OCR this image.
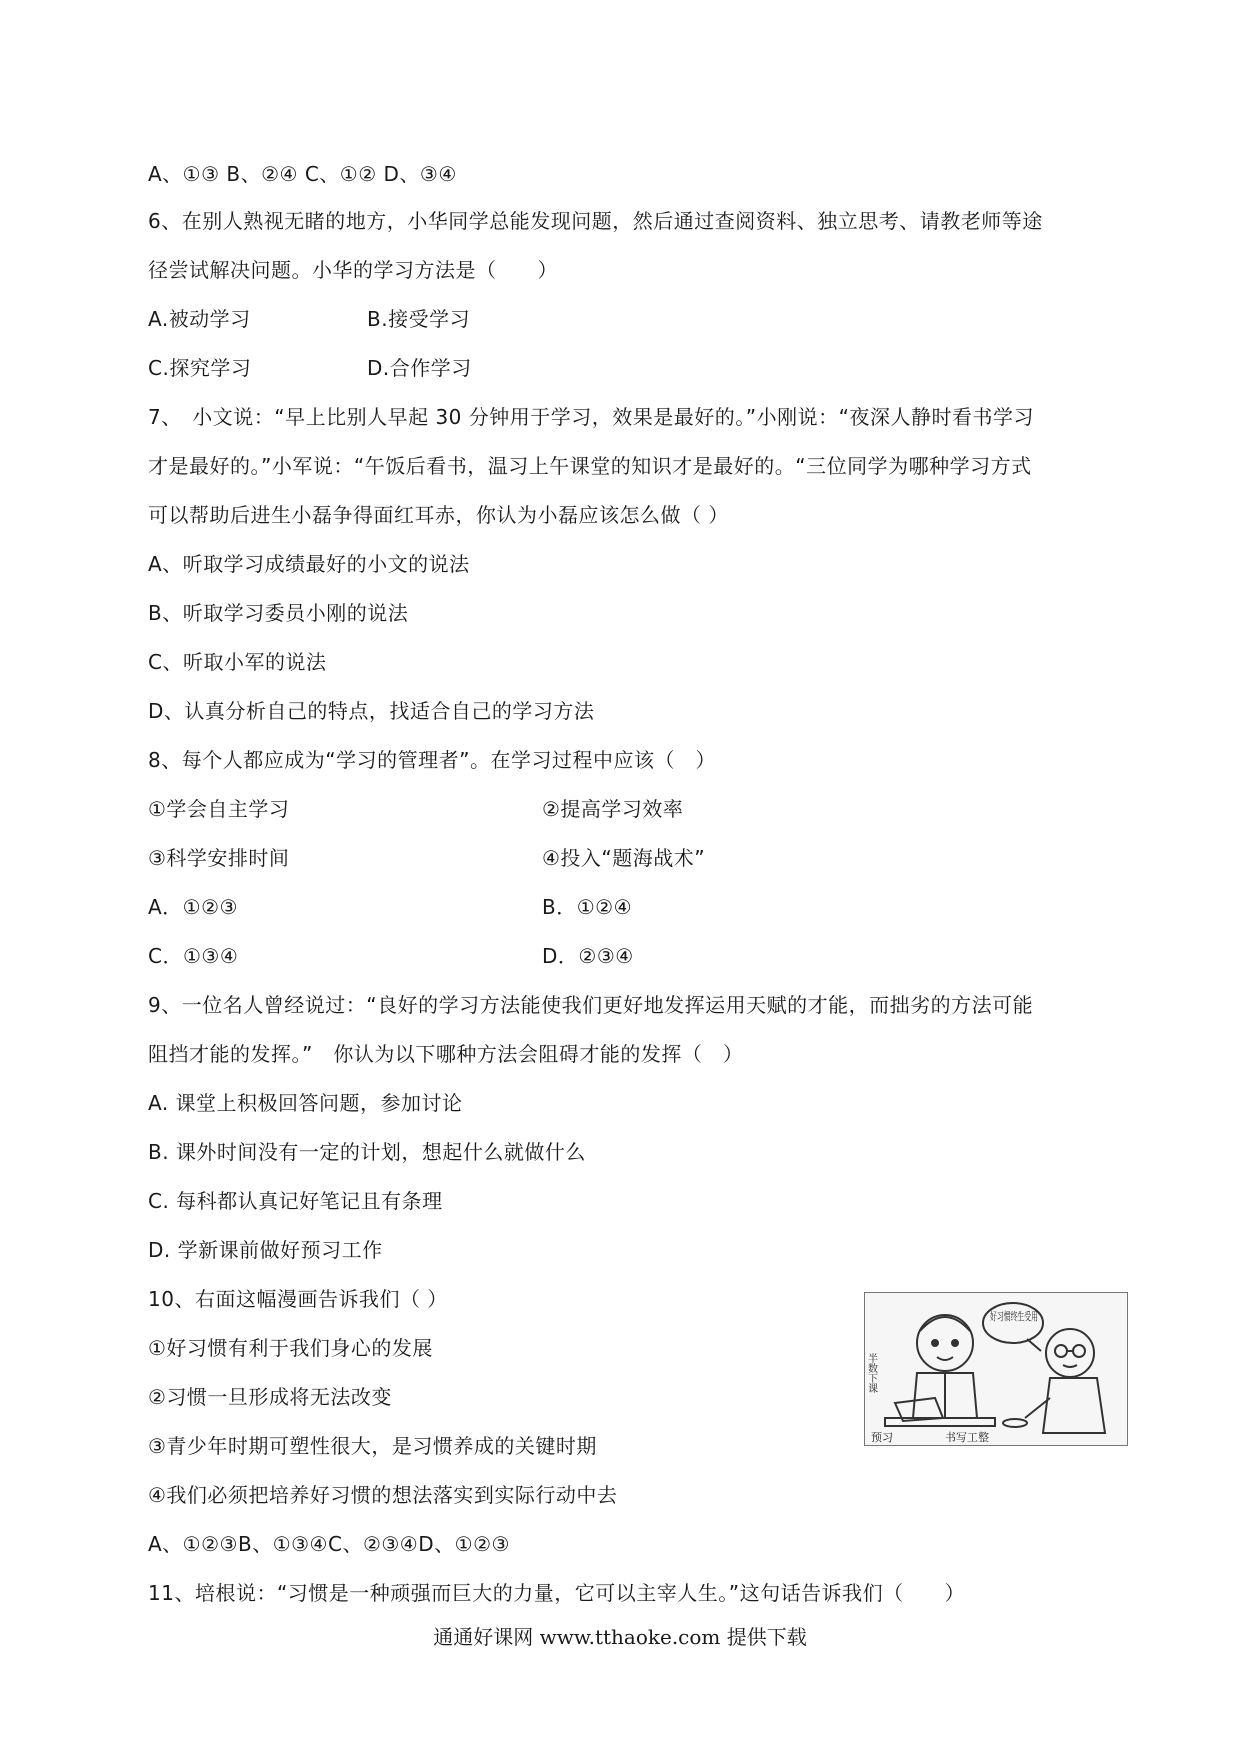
A、①③ B、②④ C、①② D、③④
6、在别人熟视无睹的地方，小华同学总能发现问题，然后通过查阅资料、独立思考、请教老师等途
径尝试解决问题。小华的学习方法是（　　）
A.被动学习	B.接受学习
C.探究学习	D.合作学习
7、　小文说：“早上比别人早起 30 分钟用于学习，效果是最好的。”小刚说：“夜深人静时看书学习
才是最好的。”小军说：“午饭后看书，温习上午课堂的知识才是最好的。“三位同学为哪种学习方式
可以帮助后进生小磊争得面红耳赤，你认为小磊应该怎么做（ ）
A、听取学习成绩最好的小文的说法
B、听取学习委员小刚的说法
C、听取小军的说法
D、认真分析自己的特点，找适合自己的学习方法
8、每个人都应成为“学习的管理者”。在学习过程中应该（　）
①学会自主学习	②提高学习效率
③科学安排时间	④投入“题海战术”
A．①②③	B．①②④
C．①③④	D．②③④
9、一位名人曾经说过：“良好的学习方法能使我们更好地发挥运用天赋的才能，而拙劣的方法可能
阻挡才能的发挥。”　你认为以下哪种方法会阻碍才能的发挥（　）
A. 课堂上积极回答问题，参加讨论
B. 课外时间没有一定的计划，想起什么就做什么
C. 每科都认真记好笔记且有条理
D. 学新课前做好预习工作
10、右面这幅漫画告诉我们（ ）
①好习惯有利于我们身心的发展
②习惯一旦形成将无法改变
③青少年时期可塑性很大，是习惯养成的关键时期
④我们必须把培养好习惯的想法落实到实际行动中去
A、①②③B、①③④C、②③④D、①②③
半数下课
好习惯终生受用
预习	书写工整
11、培根说：“习惯是一种顽强而巨大的力量，它可以主宰人生。”这句话告诉我们（　　）
通通好课网 www.tthaoke.com 提供下载
